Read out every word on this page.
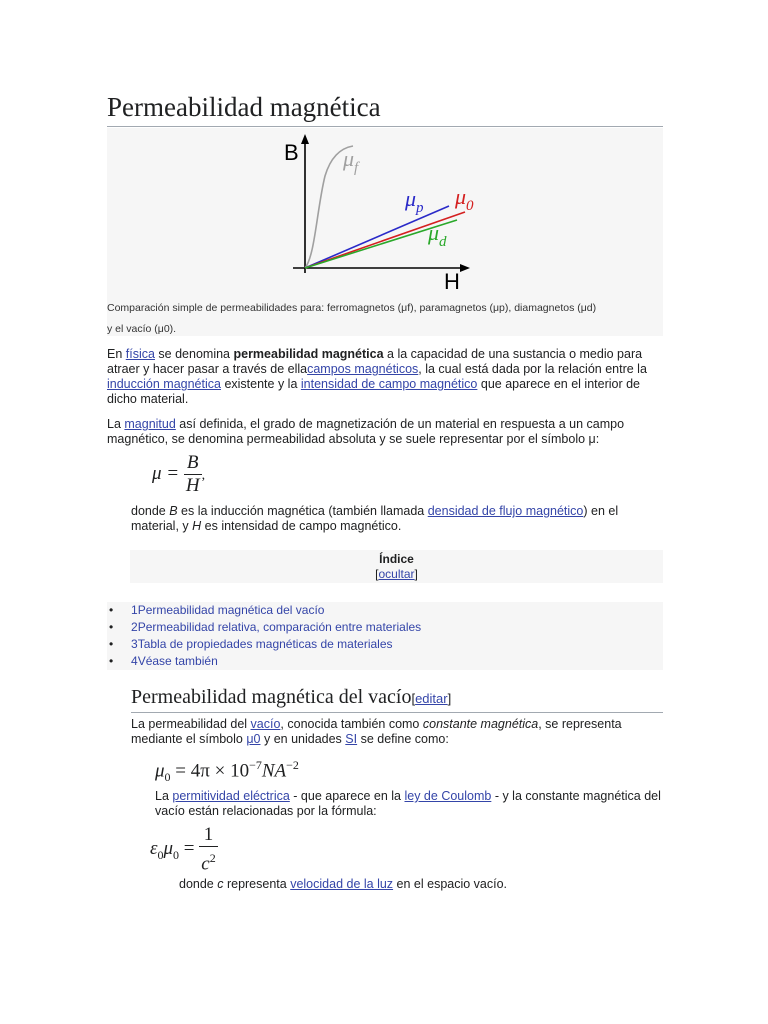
Permeabilidad magnética
B
H
$\mu_f$
$\mu_p$ $\mu_0$
$\mu_d$
Comparación simple de permeabilidades para: ferromagnetos (μf), paramagnetos (μp), diamagnetos (μd)
y el vacío (μ0).
En física se denomina permeabilidad magnética a la capacidad de una sustancia o medio para atraer y hacer pasar a través de ellacampos magnéticos, la cual está dada por la relación entre la inducción magnética existente y la intensidad de campo magnético que aparece en el interior de dicho material.
La magnitud así definida, el grado de magnetización de un material en respuesta a un campo magnético, se denomina permeabilidad absoluta y se suele representar por el símbolo μ:
$\mu = \frac{B}{H}$ ,
donde B es la inducción magnética (también llamada densidad de flujo magnético) en el material, y H es intensidad de campo magnético.
Índice
[ocultar]
• 1Permeabilidad magnética del vacío
• 2Permeabilidad relativa, comparación entre materiales
• 3Tabla de propiedades magnéticas de materiales
• 4Véase también
Permeabilidad magnética del vacío[editar]
La permeabilidad del vacío, conocida también como constante magnética, se representa mediante el símbolo μ0 y en unidades SI se define como:
$\mu_0 = 4\pi \times 10^{-7}NA^{-2}$
La permitividad eléctrica - que aparece en la ley de Coulomb - y la constante magnética del vacío están relacionadas por la fórmula:
$\varepsilon_0\mu_0 = \frac{1}{c^2}$
donde c representa velocidad de la luz en el espacio vacío.
